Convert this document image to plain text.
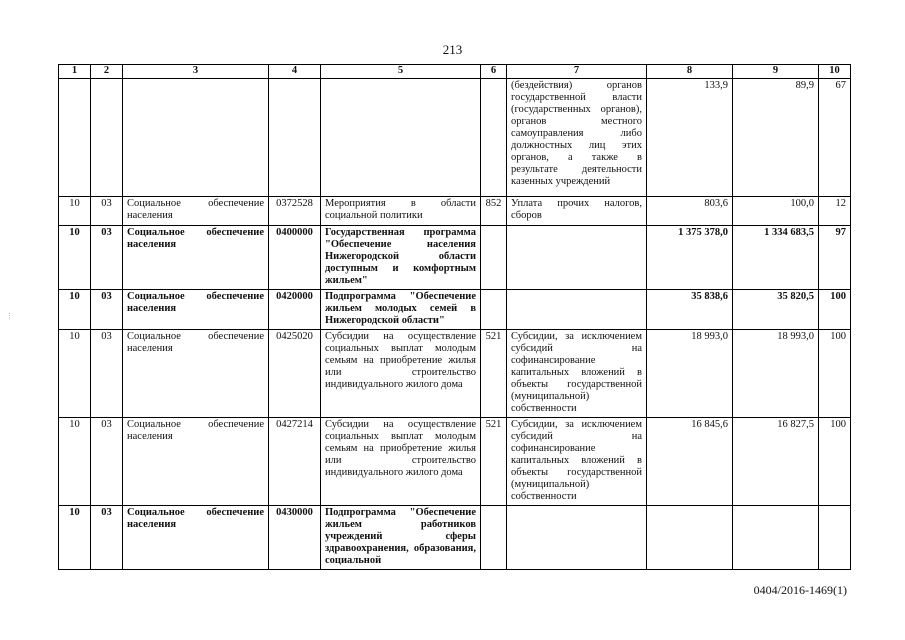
213
⋮
1	2	3	4	5	6	7	8	9	10
						(бездействия) органов государственной власти (государственных органов), органов местного самоуправления либо должностных лиц этих органов, а также в результате деятельности казенных учреждений	133,9	89,9	67
10	03	Социальное обеспечение населения	0372528	Мероприятия в области социальной политики	852	Уплата прочих налогов, сборов	803,6	100,0	12
10	03	Социальное обеспечение населения	0400000	Государственная программа "Обеспечение населения Нижегородской области доступным и комфортным жильем"			1 375 378,0	1 334 683,5	97
10	03	Социальное обеспечение населения	0420000	Подпрограмма "Обеспечение жильем молодых семей в Нижегородской области"			35 838,6	35 820,5	100
10	03	Социальное обеспечение населения	0425020	Субсидии на осуществление социальных выплат молодым семьям на приобретение жилья или строительство индивидуального жилого дома	521	Субсидии, за исключением субсидий на софинансирование капитальных вложений в объекты государственной (муниципальной) собственности	18 993,0	18 993,0	100
10	03	Социальное обеспечение населения	0427214	Субсидии на осуществление социальных выплат молодым семьям на приобретение жилья или строительство индивидуального жилого дома	521	Субсидии, за исключением субсидий на софинансирование капитальных вложений в объекты государственной (муниципальной) собственности	16 845,6	16 827,5	100
10	03	Социальное обеспечение населения	0430000	Подпрограмма "Обеспечение жильем работников учреждений сферы здравоохранения, образования, социальной					
0404/2016-1469(1)
